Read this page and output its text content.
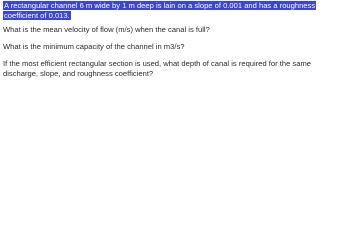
A rectangular channel 6 m wide by 1 m deep is lain on a slope of 0.001 and has a roughness
coefficient of 0.013.
What is the mean velocity of flow (m/s) when the canal is full?
What is the minimum capacity of the channel in m3/s?
If the most efficient rectangular section is used, what depth of canal is required for the same
discharge, slope, and roughness coefficient?
